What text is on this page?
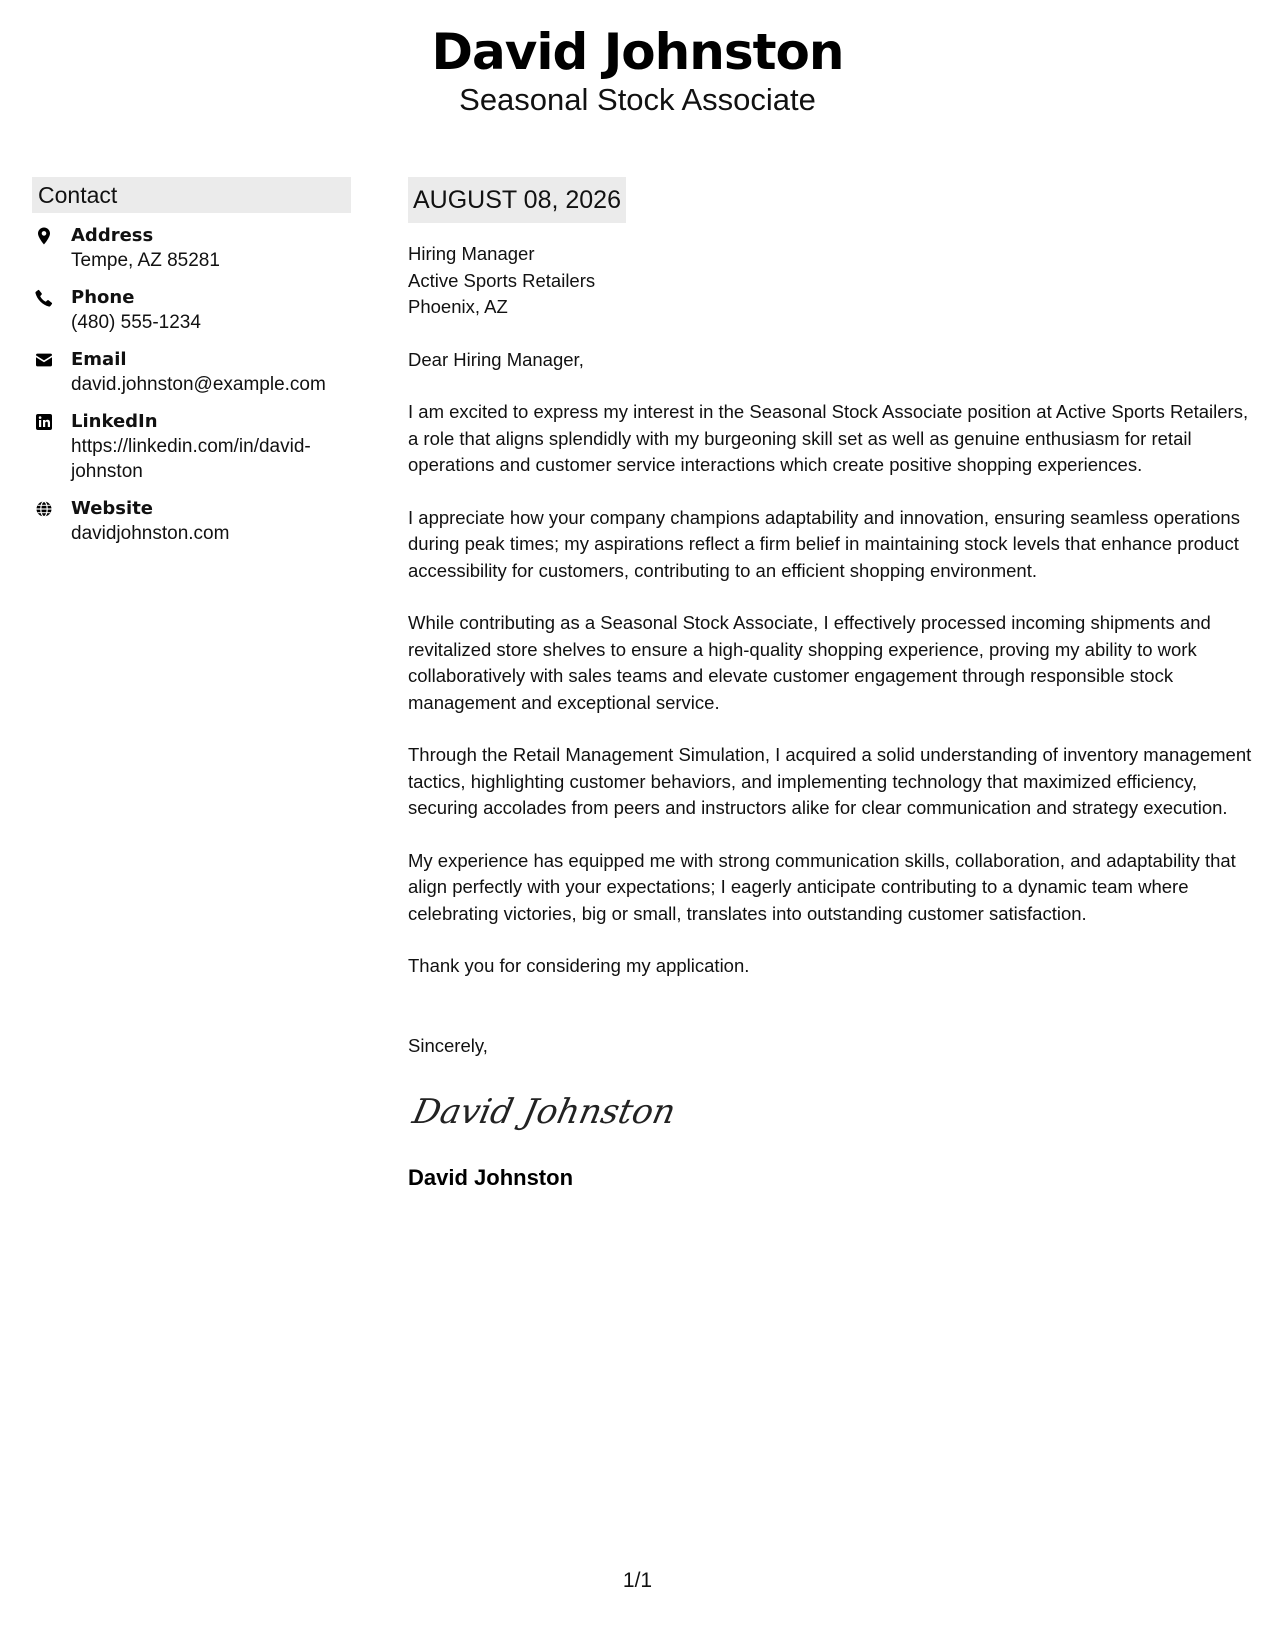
David Johnston
Seasonal Stock Associate
Contact
Address
Tempe, AZ 85281
Phone
(480) 555-1234
Email
david.johnston@example.com
LinkedIn
https://linkedin.com/in/david-johnston
Website
davidjohnston.com
AUGUST 08, 2026
Hiring Manager
Active Sports Retailers
Phoenix, AZ
Dear Hiring Manager,

I am excited to express my interest in the Seasonal Stock Associate position at Active Sports Retailers, a role that aligns splendidly with my burgeoning skill set as well as genuine enthusiasm for retail operations and customer service interactions which create positive shopping experiences.

I appreciate how your company champions adaptability and innovation, ensuring seamless operations during peak times; my aspirations reflect a firm belief in maintaining stock levels that enhance product accessibility for customers, contributing to an efficient shopping environment.

While contributing as a Seasonal Stock Associate, I effectively processed incoming shipments and revitalized store shelves to ensure a high-quality shopping experience, proving my ability to work collaboratively with sales teams and elevate customer engagement through responsible stock management and exceptional service.

Through the Retail Management Simulation, I acquired a solid understanding of inventory management tactics, highlighting customer behaviors, and implementing technology that maximized efficiency, securing accolades from peers and instructors alike for clear communication and strategy execution.

My experience has equipped me with strong communication skills, collaboration, and adaptability that align perfectly with your expectations; I eagerly anticipate contributing to a dynamic team where celebrating victories, big or small, translates into outstanding customer satisfaction.

Thank you for considering my application.

Sincerely,
David Johnston
David Johnston
1/1
